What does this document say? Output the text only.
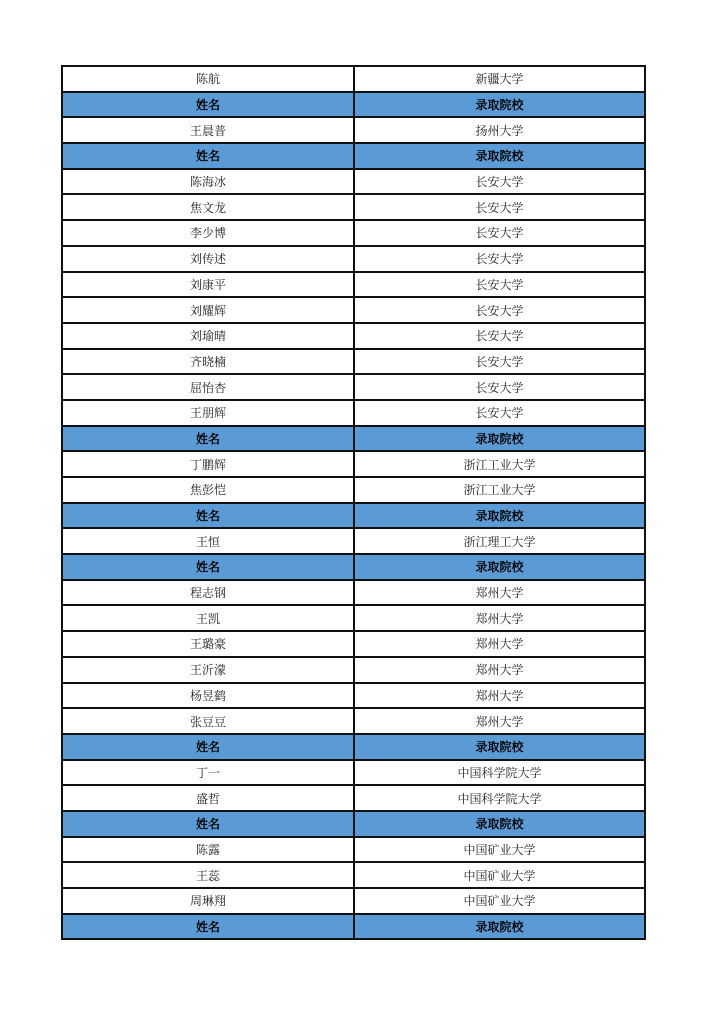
陈航	新疆大学
姓名	录取院校
王晨普	扬州大学
姓名	录取院校
陈海冰	长安大学
焦文龙	长安大学
李少博	长安大学
刘传述	长安大学
刘康平	长安大学
刘耀辉	长安大学
刘瑜晴	长安大学
齐晓楠	长安大学
屈怡杏	长安大学
王朋辉	长安大学
姓名	录取院校
丁鹏辉	浙江工业大学
焦彭恺	浙江工业大学
姓名	录取院校
王恒	浙江理工大学
姓名	录取院校
程志钢	郑州大学
王凯	郑州大学
王璐豪	郑州大学
王沂濛	郑州大学
杨昱鹤	郑州大学
张豆豆	郑州大学
姓名	录取院校
丁一	中国科学院大学
盛哲	中国科学院大学
姓名	录取院校
陈露	中国矿业大学
王蕊	中国矿业大学
周琳翔	中国矿业大学
姓名	录取院校
